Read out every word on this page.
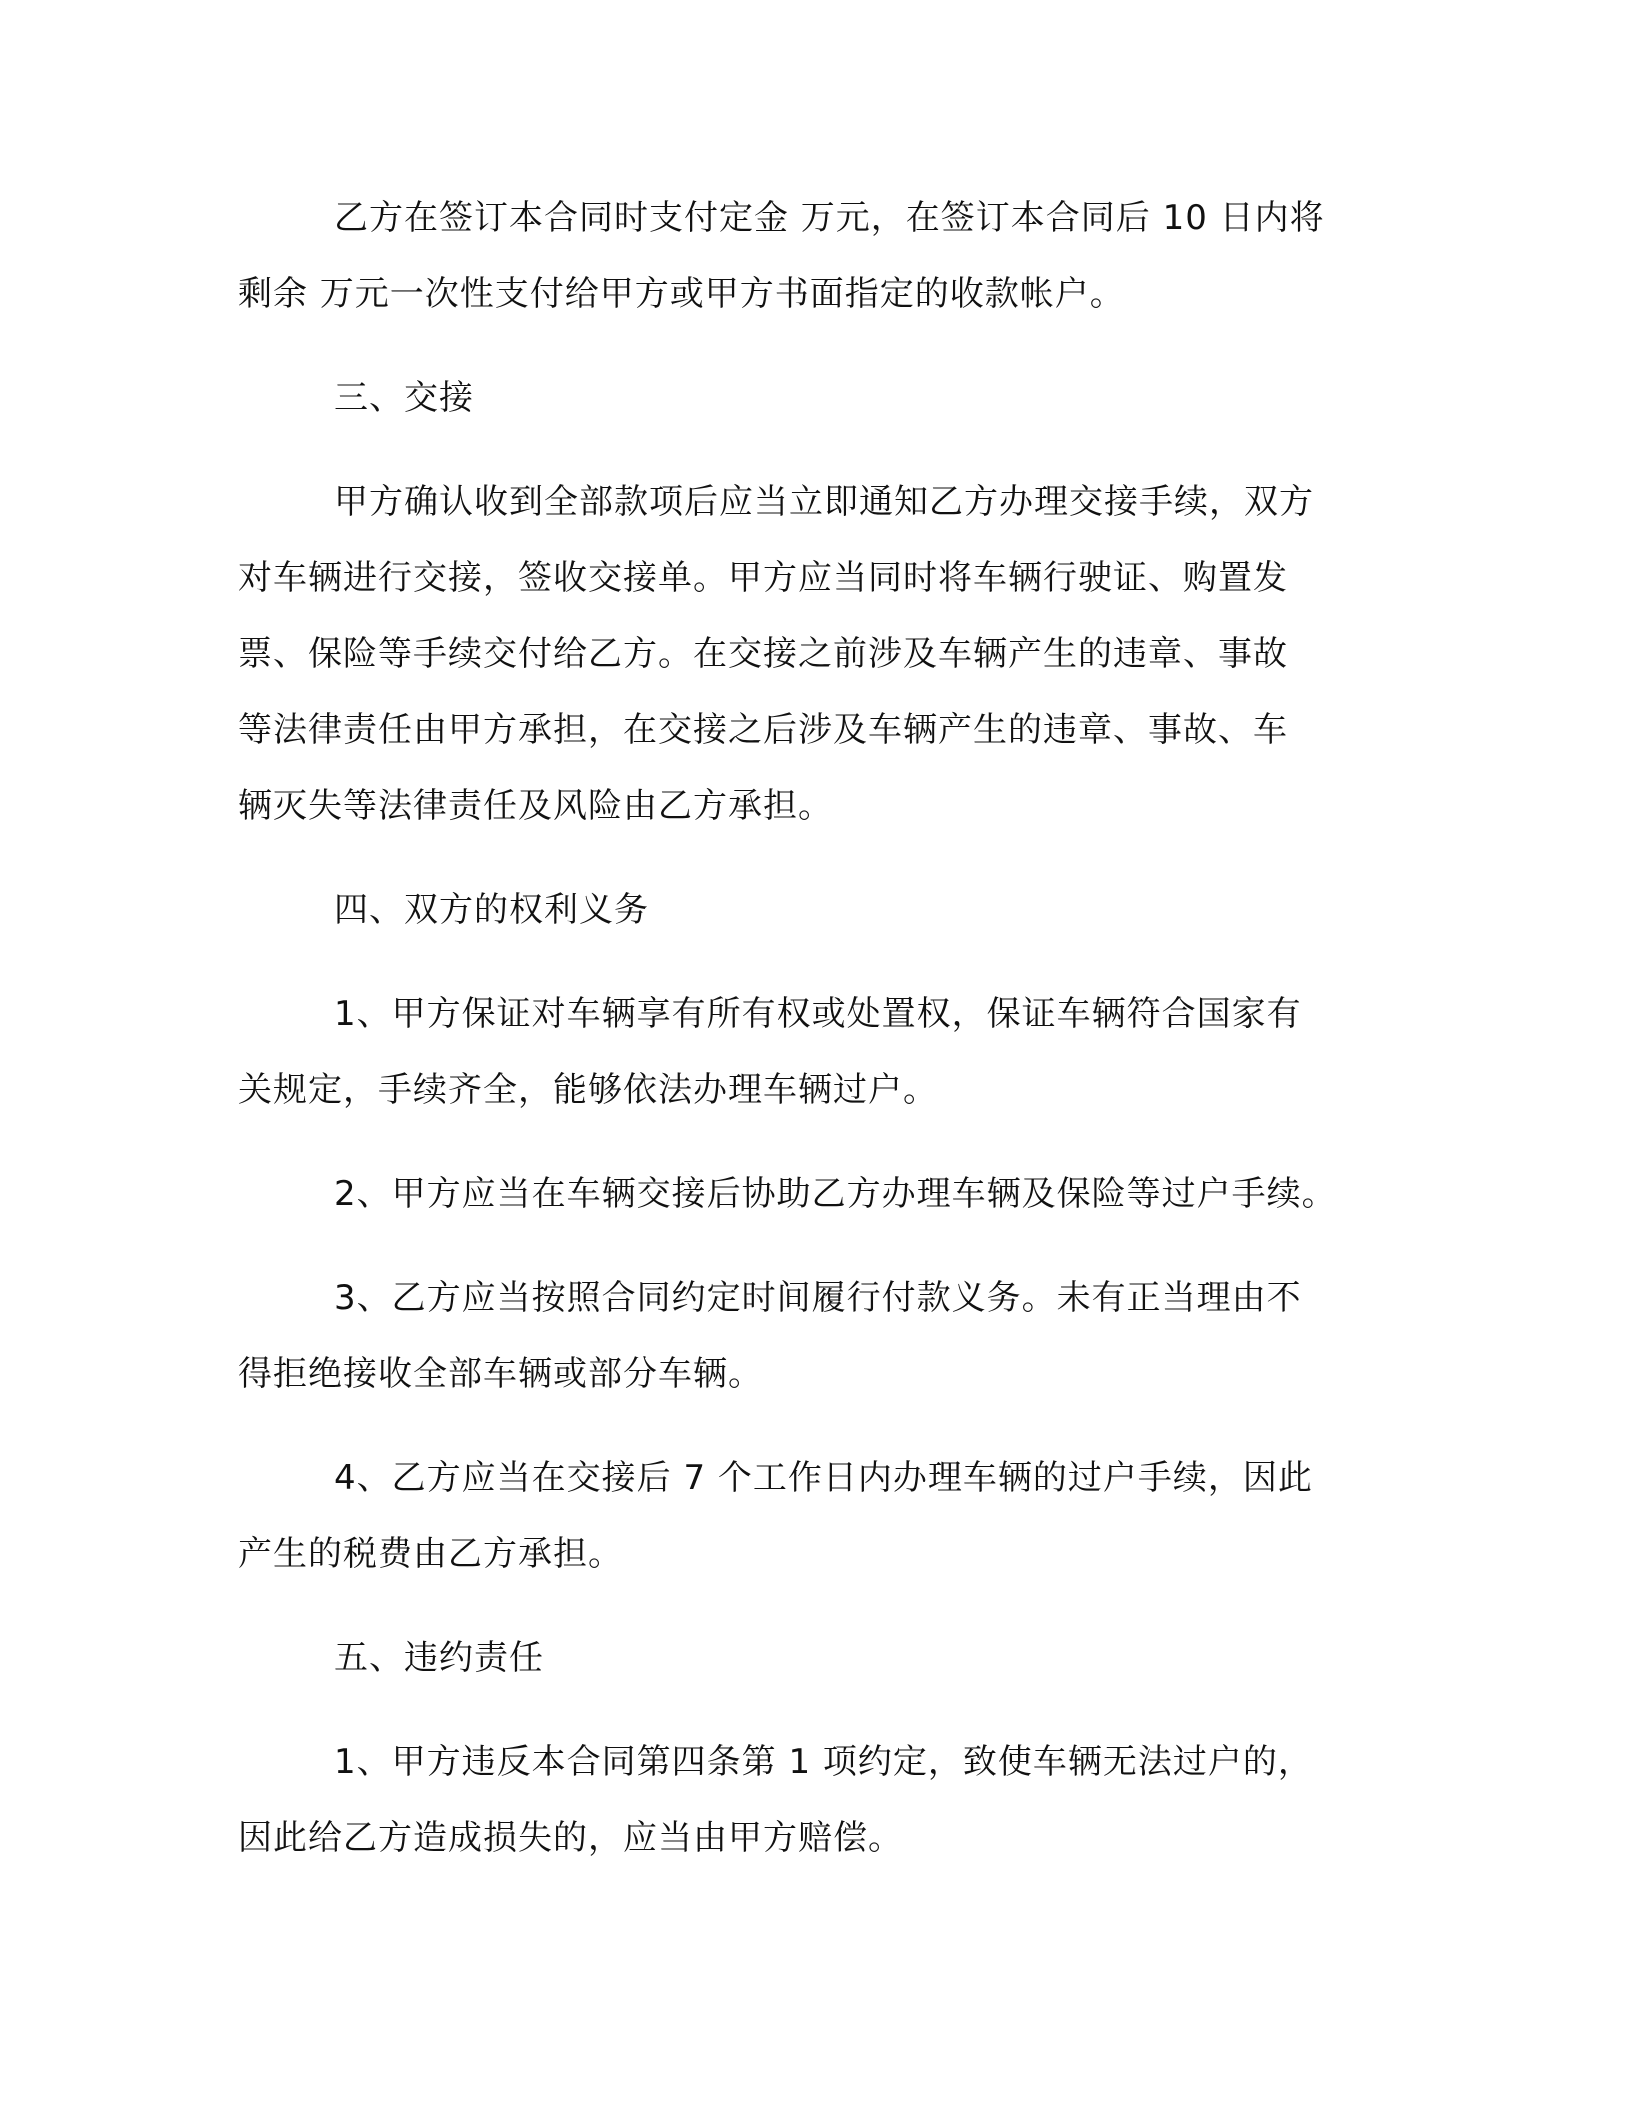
乙方在签订本合同时支付定金 万元，在签订本合同后 10 日内将
剩余 万元一次性支付给甲方或甲方书面指定的收款帐户。
三、交接
甲方确认收到全部款项后应当立即通知乙方办理交接手续，双方
对车辆进行交接，签收交接单。甲方应当同时将车辆行驶证、购置发
票、保险等手续交付给乙方。在交接之前涉及车辆产生的违章、事故
等法律责任由甲方承担，在交接之后涉及车辆产生的违章、事故、车
辆灭失等法律责任及风险由乙方承担。
四、双方的权利义务
1、甲方保证对车辆享有所有权或处置权，保证车辆符合国家有
关规定，手续齐全，能够依法办理车辆过户。
2、甲方应当在车辆交接后协助乙方办理车辆及保险等过户手续。
3、乙方应当按照合同约定时间履行付款义务。未有正当理由不
得拒绝接收全部车辆或部分车辆。
4、乙方应当在交接后 7 个工作日内办理车辆的过户手续，因此
产生的税费由乙方承担。
五、违约责任
1、甲方违反本合同第四条第 1 项约定，致使车辆无法过户的，
因此给乙方造成损失的，应当由甲方赔偿。
